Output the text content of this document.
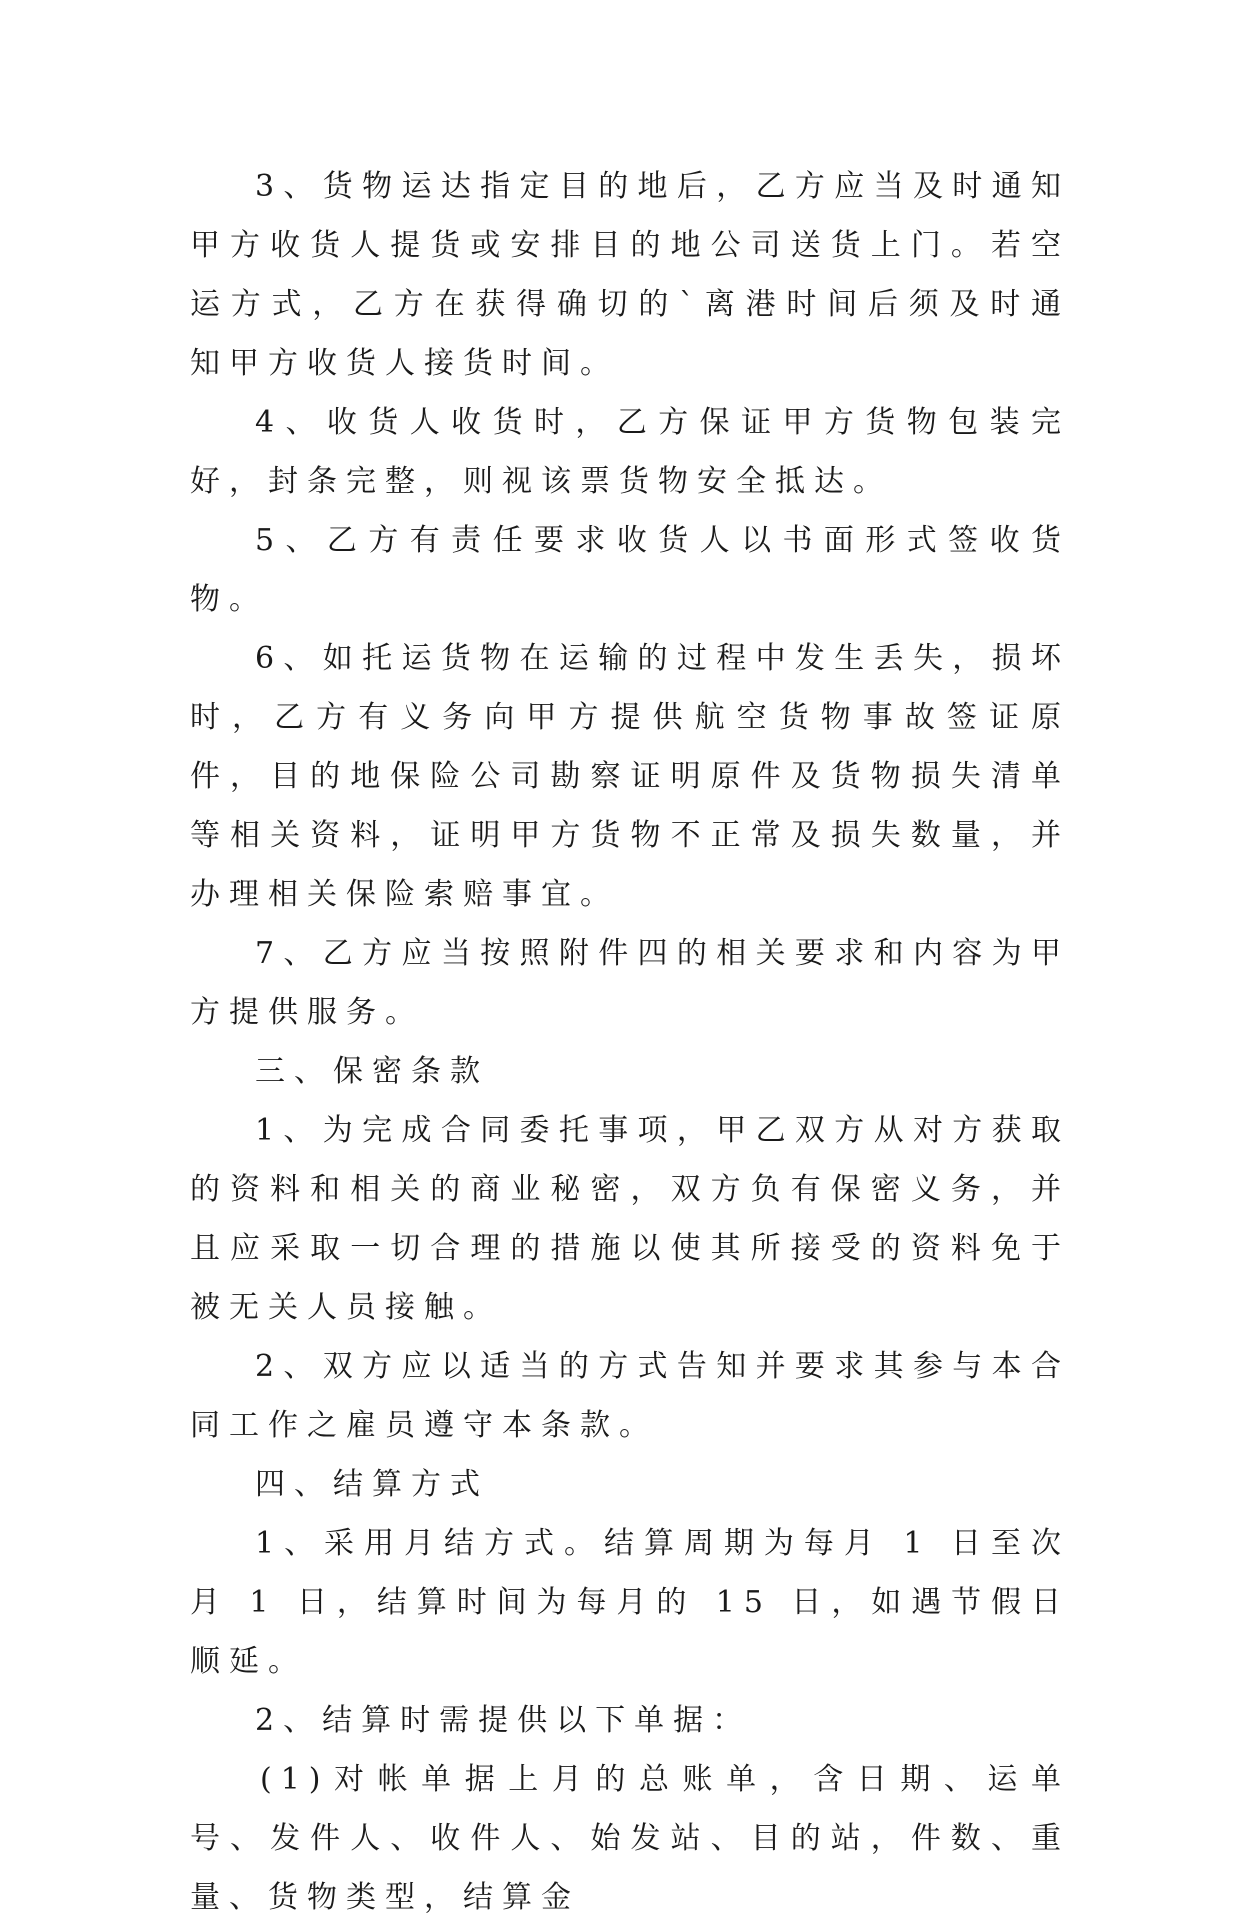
3、货物运达指定目的地后，乙方应当及时通知甲方收货人提货或安排目的地公司送货上门。若空运方式，乙方在获得确切的`离港时间后须及时通知甲方收货人接货时间。

4、收货人收货时，乙方保证甲方货物包装完好，封条完整，则视该票货物安全抵达。

5、乙方有责任要求收货人以书面形式签收货物。

6、如托运货物在运输的过程中发生丢失，损坏时，乙方有义务向甲方提供航空货物事故签证原件，目的地保险公司勘察证明原件及货物损失清单等相关资料，证明甲方货物不正常及损失数量，并办理相关保险索赔事宜。

7、乙方应当按照附件四的相关要求和内容为甲方提供服务。

三、保密条款

1、为完成合同委托事项，甲乙双方从对方获取的资料和相关的商业秘密，双方负有保密义务，并且应采取一切合理的措施以使其所接受的资料免于被无关人员接触。

2、双方应以适当的方式告知并要求其参与本合同工作之雇员遵守本条款。

四、结算方式

1、采用月结方式。结算周期为每月 1 日至次月 1 日，结算时间为每月的 15 日，如遇节假日顺延。

2、结算时需提供以下单据：

(1)对帐单据上月的总账单，含日期、运单号、发件人、收件人、始发站、目的站，件数、重量、货物类型，结算金
